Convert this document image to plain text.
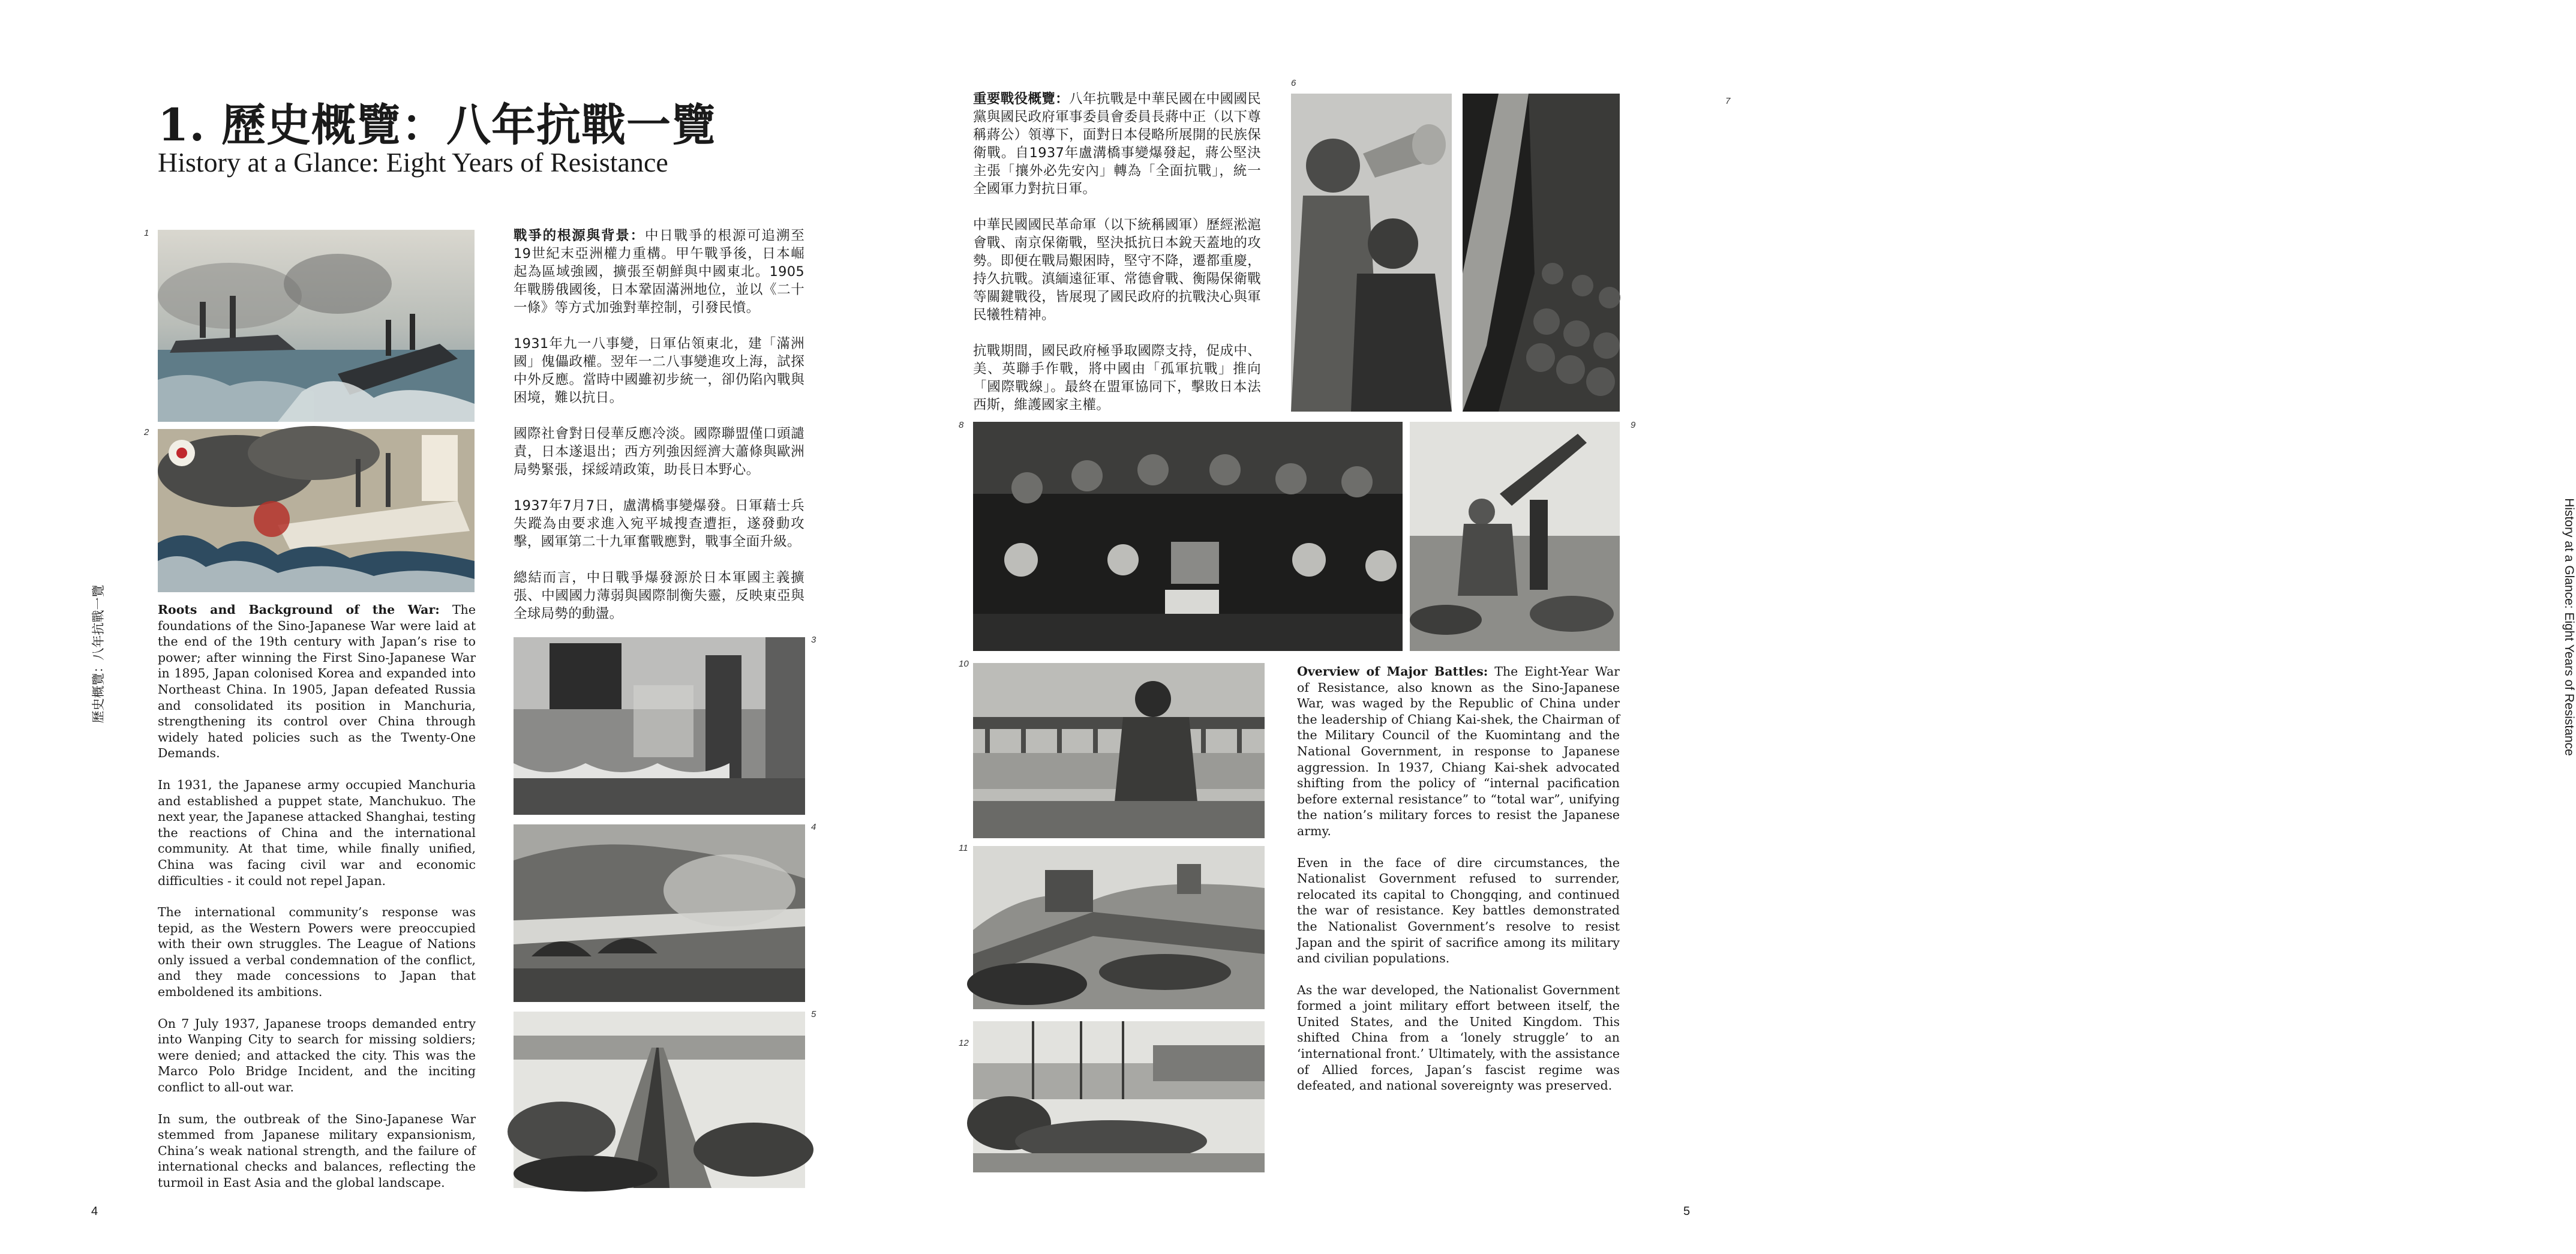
1. 歷史概覽：八年抗戰一覽
History at a Glance: Eight Years of Resistance
1
2

Roots and Background of the War: The foundations of the Sino-Japanese War were laid at the end of the 19th century with Japan’s rise to power; after winning the First Sino-Japanese War in 1895, Japan colonised Korea and expanded into Northeast China. In 1905, Japan defeated Russia and consolidated its position in Manchuria, strengthening its control over China through widely hated policies such as the Twenty-One Demands.

In 1931, the Japanese army occupied Manchuria and established a puppet state, Manchukuo. The next year, the Japanese attacked Shanghai, testing the reactions of China and the international community. At that time, while finally unified, China was facing civil war and economic difficulties - it could not repel Japan.

The international community’s response was tepid, as the Western Powers were preoccupied with their own struggles. The League of Nations only issued a verbal condemnation of the conflict, and they made concessions to Japan that emboldened its ambitions.

On 7 July 1937, Japanese troops demanded entry into Wanping City to search for missing soldiers; were denied; and attacked the city. This was the Marco Polo Bridge Incident, and the inciting conflict to all-out war.

In sum, the outbreak of the Sino-Japanese War stemmed from Japanese military expansionism, China’s weak national strength, and the failure of international checks and balances, reflecting the turmoil in East Asia and the global landscape.

戰爭的根源與背景：中日戰爭的根源可追溯至19世紀末亞洲權力重構。甲午戰爭後，日本崛起為區域強國，擴張至朝鮮與中國東北。1905年戰勝俄國後，日本鞏固滿洲地位，並以《二十一條》等方式加強對華控制，引發民憤。

1931年九一八事變，日軍佔領東北，建「滿洲國」傀儡政權。翌年一二八事變進攻上海，試探中外反應。當時中國雖初步統一，卻仍陷內戰與困境，難以抗日。

國際社會對日侵華反應冷淡。國際聯盟僅口頭譴責，日本遂退出；西方列強因經濟大蕭條與歐洲局勢緊張，採綏靖政策，助長日本野心。

1937年7月7日，盧溝橋事變爆發。日軍藉士兵失蹤為由要求進入宛平城搜查遭拒，遂發動攻擊，國軍第二十九軍奮戰應對，戰事全面升級。

總結而言，中日戰爭爆發源於日本軍國主義擴張、中國國力薄弱與國際制衡失靈，反映東亞與全球局勢的動盪。

3
4
5
歷史概覽：八年抗戰一覽
4

重要戰役概覽：八年抗戰是中華民國在中國國民黨與國民政府軍事委員會委員長蔣中正（以下尊稱蔣公）領導下，面對日本侵略所展開的民族保衛戰。自1937年盧溝橋事變爆發起，蔣公堅決主張「攘外必先安內」轉為「全面抗戰」，統一全國軍力對抗日軍。

中華民國國民革命軍（以下統稱國軍）歷經淞滬會戰、南京保衛戰，堅決抵抗日本銳天蓋地的攻勢。即便在戰局艱困時，堅守不降，遷都重慶，持久抗戰。滇緬遠征軍、常德會戰、衡陽保衛戰等關鍵戰役，皆展現了國民政府的抗戰決心與軍民犧牲精神。

抗戰期間，國民政府極爭取國際支持，促成中、美、英聯手作戰，將中國由「孤軍抗戰」推向「國際戰線」。最終在盟軍協同下，擊敗日本法西斯，維護國家主權。

6
7
8	9
10
11
12

Overview of Major Battles: The Eight-Year War of Resistance, also known as the Sino-Japanese War, was waged by the Republic of China under the leadership of Chiang Kai-shek, the Chairman of the Military Council of the Kuomintang and the National Government, in response to Japanese aggression. In 1937, Chiang Kai-shek advocated shifting from the policy of “internal pacification before external resistance” to “total war”, unifying the nation’s military forces to resist the Japanese army.

Even in the face of dire circumstances, the Nationalist Government refused to surrender, relocated its capital to Chongqing, and continued the war of resistance. Key battles demonstrated the Nationalist Government’s resolve to resist Japan and the spirit of sacrifice among its military and civilian populations.

As the war developed, the Nationalist Government formed a joint military effort between itself, the United States, and the United Kingdom. This shifted China from a ‘lonely struggle’ to an ‘international front.’ Ultimately, with the assistance of Allied forces, Japan’s fascist regime was defeated, and national sovereignty was preserved.

History at a Glance: Eight Years of Resistance
5
